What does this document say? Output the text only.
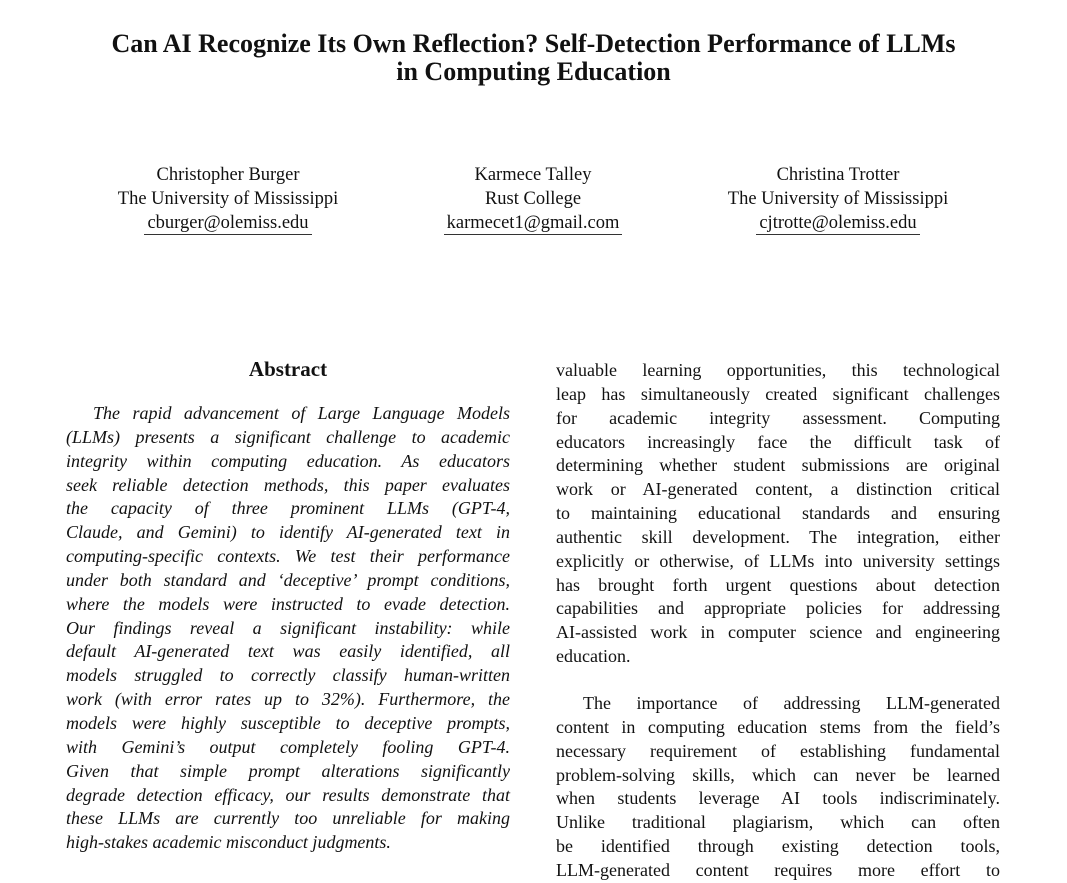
Can AI Recognize Its Own Reflection? Self-Detection Performance of LLMs
in Computing Education
Christopher Burger
The University of Mississippi
cburger@olemiss.edu
Karmece Talley
Rust College
karmecet1@gmail.com
Christina Trotter
The University of Mississippi
cjtrotte@olemiss.edu
Abstract
The rapid advancement of Large Language Models
(LLMs) presents a significant challenge to academic
integrity within computing education. As educators
seek reliable detection methods, this paper evaluates
the capacity of three prominent LLMs (GPT-4,
Claude, and Gemini) to identify AI-generated text in
computing-specific contexts. We test their performance
under both standard and ‘deceptive’ prompt conditions,
where the models were instructed to evade detection.
Our findings reveal a significant instability: while
default AI-generated text was easily identified, all
models struggled to correctly classify human-written
work (with error rates up to 32%). Furthermore, the
models were highly susceptible to deceptive prompts,
with Gemini’s output completely fooling GPT-4.
Given that simple prompt alterations significantly
degrade detection efficacy, our results demonstrate that
these LLMs are currently too unreliable for making
high-stakes academic misconduct judgments.
valuable learning opportunities, this technological
leap has simultaneously created significant challenges
for academic integrity assessment. Computing
educators increasingly face the difficult task of
determining whether student submissions are original
work or AI-generated content, a distinction critical
to maintaining educational standards and ensuring
authentic skill development. The integration, either
explicitly or otherwise, of LLMs into university settings
has brought forth urgent questions about detection
capabilities and appropriate policies for addressing
AI-assisted work in computer science and engineering
education.
The importance of addressing LLM-generated
content in computing education stems from the field’s
necessary requirement of establishing fundamental
problem-solving skills, which can never be learned
when students leverage AI tools indiscriminately.
Unlike traditional plagiarism, which can often
be identified through existing detection tools,
LLM-generated content requires more effort to
